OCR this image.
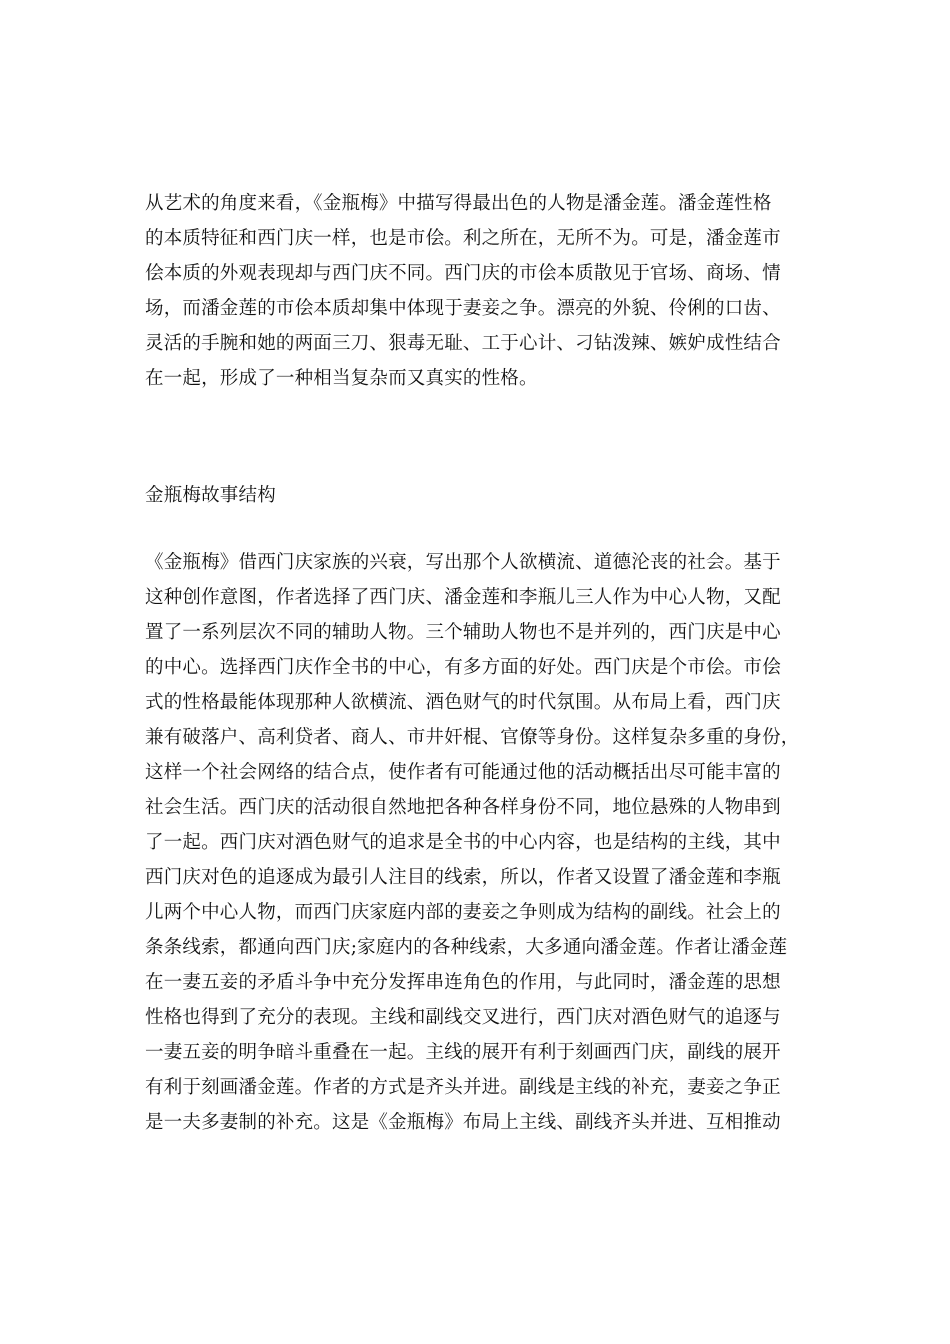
从艺术的角度来看，《金瓶梅》中描写得最出色的人物是潘金莲。潘金莲性格
的本质特征和西门庆一样，也是市侩。利之所在，无所不为。可是，潘金莲市
侩本质的外观表现却与西门庆不同。西门庆的市侩本质散见于官场、商场、情
场，而潘金莲的市侩本质却集中体现于妻妾之争。漂亮的外貌、伶俐的口齿、
灵活的手腕和她的两面三刀、狠毒无耻、工于心计、刁钻泼辣、嫉妒成性结合
在一起，形成了一种相当复杂而又真实的性格。
金瓶梅故事结构
《金瓶梅》借西门庆家族的兴衰，写出那个人欲横流、道德沦丧的社会。基于
这种创作意图，作者选择了西门庆、潘金莲和李瓶儿三人作为中心人物，又配
置了一系列层次不同的辅助人物。三个辅助人物也不是并列的，西门庆是中心
的中心。选择西门庆作全书的中心，有多方面的好处。西门庆是个市侩。市侩
式的性格最能体现那种人欲横流、酒色财气的时代氛围。从布局上看，西门庆
兼有破落户、高利贷者、商人、市井奸棍、官僚等身份。这样复杂多重的身份，
这样一个社会网络的结合点，使作者有可能通过他的活动概括出尽可能丰富的
社会生活。西门庆的活动很自然地把各种各样身份不同，地位悬殊的人物串到
了一起。西门庆对酒色财气的追求是全书的中心内容，也是结构的主线，其中
西门庆对色的追逐成为最引人注目的线索，所以，作者又设置了潘金莲和李瓶
儿两个中心人物，而西门庆家庭内部的妻妾之争则成为结构的副线。社会上的
条条线索，都通向西门庆;家庭内的各种线索，大多通向潘金莲。作者让潘金莲
在一妻五妾的矛盾斗争中充分发挥串连角色的作用，与此同时，潘金莲的思想
性格也得到了充分的表现。主线和副线交叉进行，西门庆对酒色财气的追逐与
一妻五妾的明争暗斗重叠在一起。主线的展开有利于刻画西门庆，副线的展开
有利于刻画潘金莲。作者的方式是齐头并进。副线是主线的补充，妻妾之争正
是一夫多妻制的补充。这是《金瓶梅》布局上主线、副线齐头并进、互相推动
